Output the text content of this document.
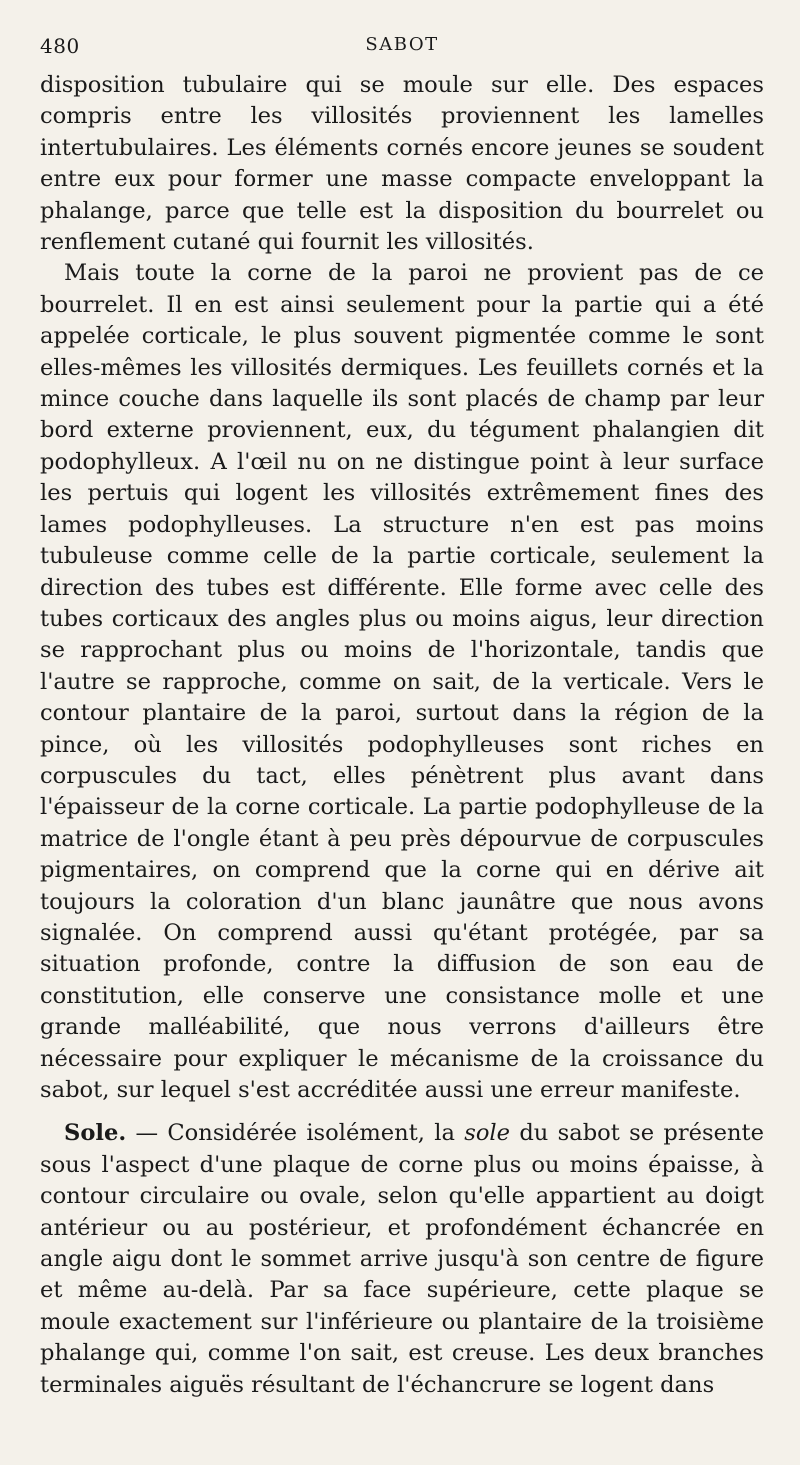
480	SABOT

disposition tubulaire qui se moule sur elle. Des espaces compris entre les villosités proviennent les lamelles intertubulaires. Les éléments cornés encore jeunes se soudent entre eux pour former une masse compacte enveloppant la phalange, parce que telle est la disposition du bourrelet ou renflement cutané qui fournit les villosités.

Mais toute la corne de la paroi ne provient pas de ce bourrelet. Il en est ainsi seulement pour la partie qui a été appelée corticale, le plus souvent pigmentée comme le sont elles-mêmes les villosités dermiques. Les feuillets cornés et la mince couche dans laquelle ils sont placés de champ par leur bord externe proviennent, eux, du tégument phalangien dit podophylleux. A l'œil nu on ne distingue point à leur surface les pertuis qui logent les villosités extrêmement fines des lames podophylleuses. La structure n'en est pas moins tubuleuse comme celle de la partie corticale, seulement la direction des tubes est différente. Elle forme avec celle des tubes corticaux des angles plus ou moins aigus, leur direction se rapprochant plus ou moins de l'horizontale, tandis que l'autre se rapproche, comme on sait, de la verticale. Vers le contour plantaire de la paroi, surtout dans la région de la pince, où les villosités podophylleuses sont riches en corpuscules du tact, elles pénètrent plus avant dans l'épaisseur de la corne corticale. La partie podophylleuse de la matrice de l'ongle étant à peu près dépourvue de corpuscules pigmentaires, on comprend que la corne qui en dérive ait toujours la coloration d'un blanc jaunâtre que nous avons signalée. On comprend aussi qu'étant protégée, par sa situation profonde, contre la diffusion de son eau de constitution, elle conserve une consistance molle et une grande malléabilité, que nous verrons d'ailleurs être nécessaire pour expliquer le mécanisme de la croissance du sabot, sur lequel s'est accréditée aussi une erreur manifeste.

Sole. — Considérée isolément, la sole du sabot se présente sous l'aspect d'une plaque de corne plus ou moins épaisse, à contour circulaire ou ovale, selon qu'elle appartient au doigt antérieur ou au postérieur, et profondément échancrée en angle aigu dont le sommet arrive jusqu'à son centre de figure et même au-delà. Par sa face supérieure, cette plaque se moule exactement sur l'inférieure ou plantaire de la troisième phalange qui, comme l'on sait, est creuse. Les deux branches terminales aiguës résultant de l'échancrure se logent dans
